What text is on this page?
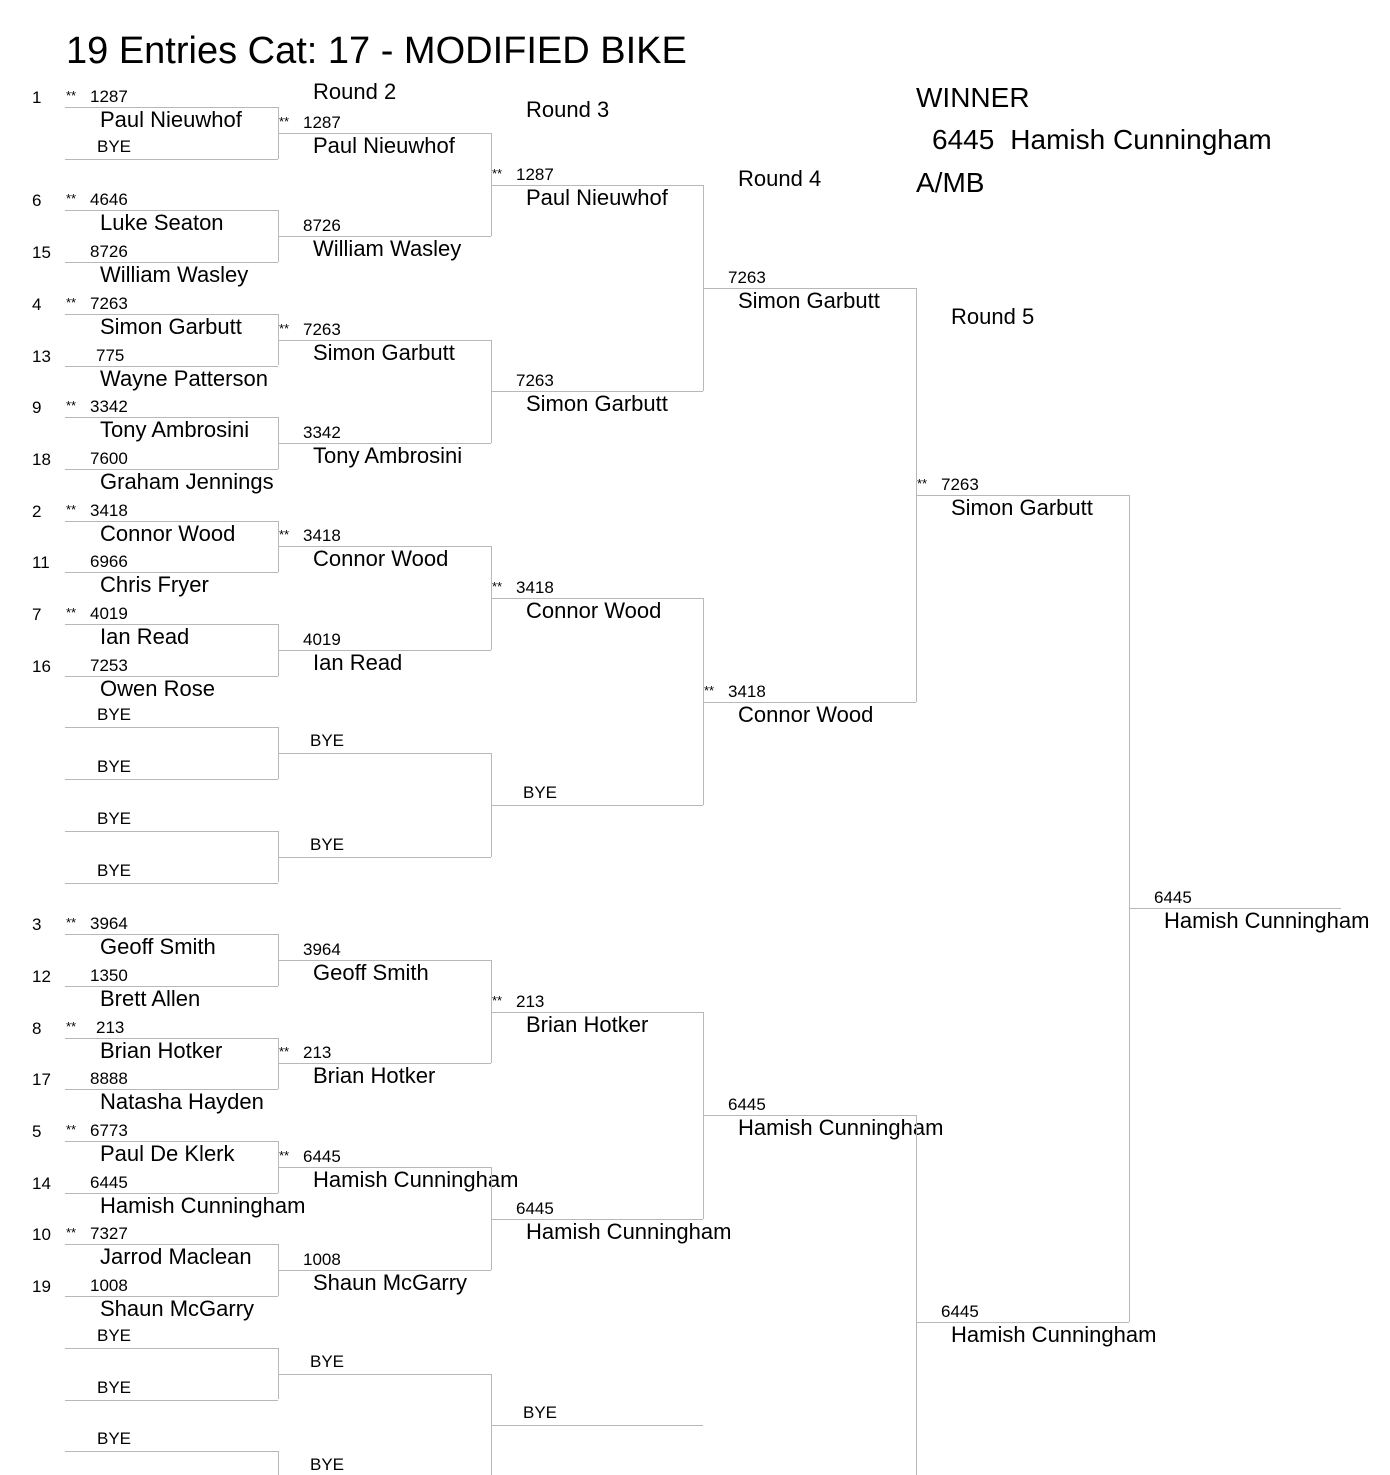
19 Entries Cat: 17 - MODIFIED BIKE
Round 2
Round 3
Round 4
Round 5
WINNER
6445 Hamish Cunningham
A/MB
1 ** 1287
Paul Nieuwhof
BYE
6 ** 4646
Luke Seaton
15 8726
William Wasley
4 ** 7263
Simon Garbutt
13	775
Wayne Patterson
9 ** 3342
Tony Ambrosini
18 7600
Graham Jennings
2 ** 3418
Connor Wood
11 6966
Chris Fryer
7 ** 4019
Ian Read
16 7253
Owen Rose
BYE
BYE
BYE
BYE
3 ** 3964
Geoff Smith
12 1350
Brett Allen
8 ** 213
Brian Hotker
17 8888
Natasha Hayden
5 ** 6773
Paul De Klerk
14 6445
Hamish Cunningham
10 ** 7327
Jarrod Maclean
19 1008
Shaun McGarry
BYE
BYE
BYE
** 1287
Paul Nieuwhof
8726
William Wasley
** 7263
Simon Garbutt
3342
Tony Ambrosini
** 3418
Connor Wood
4019
Ian Read
BYE
BYE
3964
Geoff Smith
** 213
Brian Hotker
** 6445
Hamish Cunningham
1008
Shaun McGarry
BYE
BYE
** 1287
Paul Nieuwhof
7263
Simon Garbutt
** 3418
Connor Wood
BYE
** 213
Brian Hotker
6445
Hamish Cunningham
BYE
7263
Simon Garbutt
** 3418
Connor Wood
6445
Hamish Cunningham
** 7263
Simon Garbutt
6445
Hamish Cunningham
6445
Hamish Cunningham
